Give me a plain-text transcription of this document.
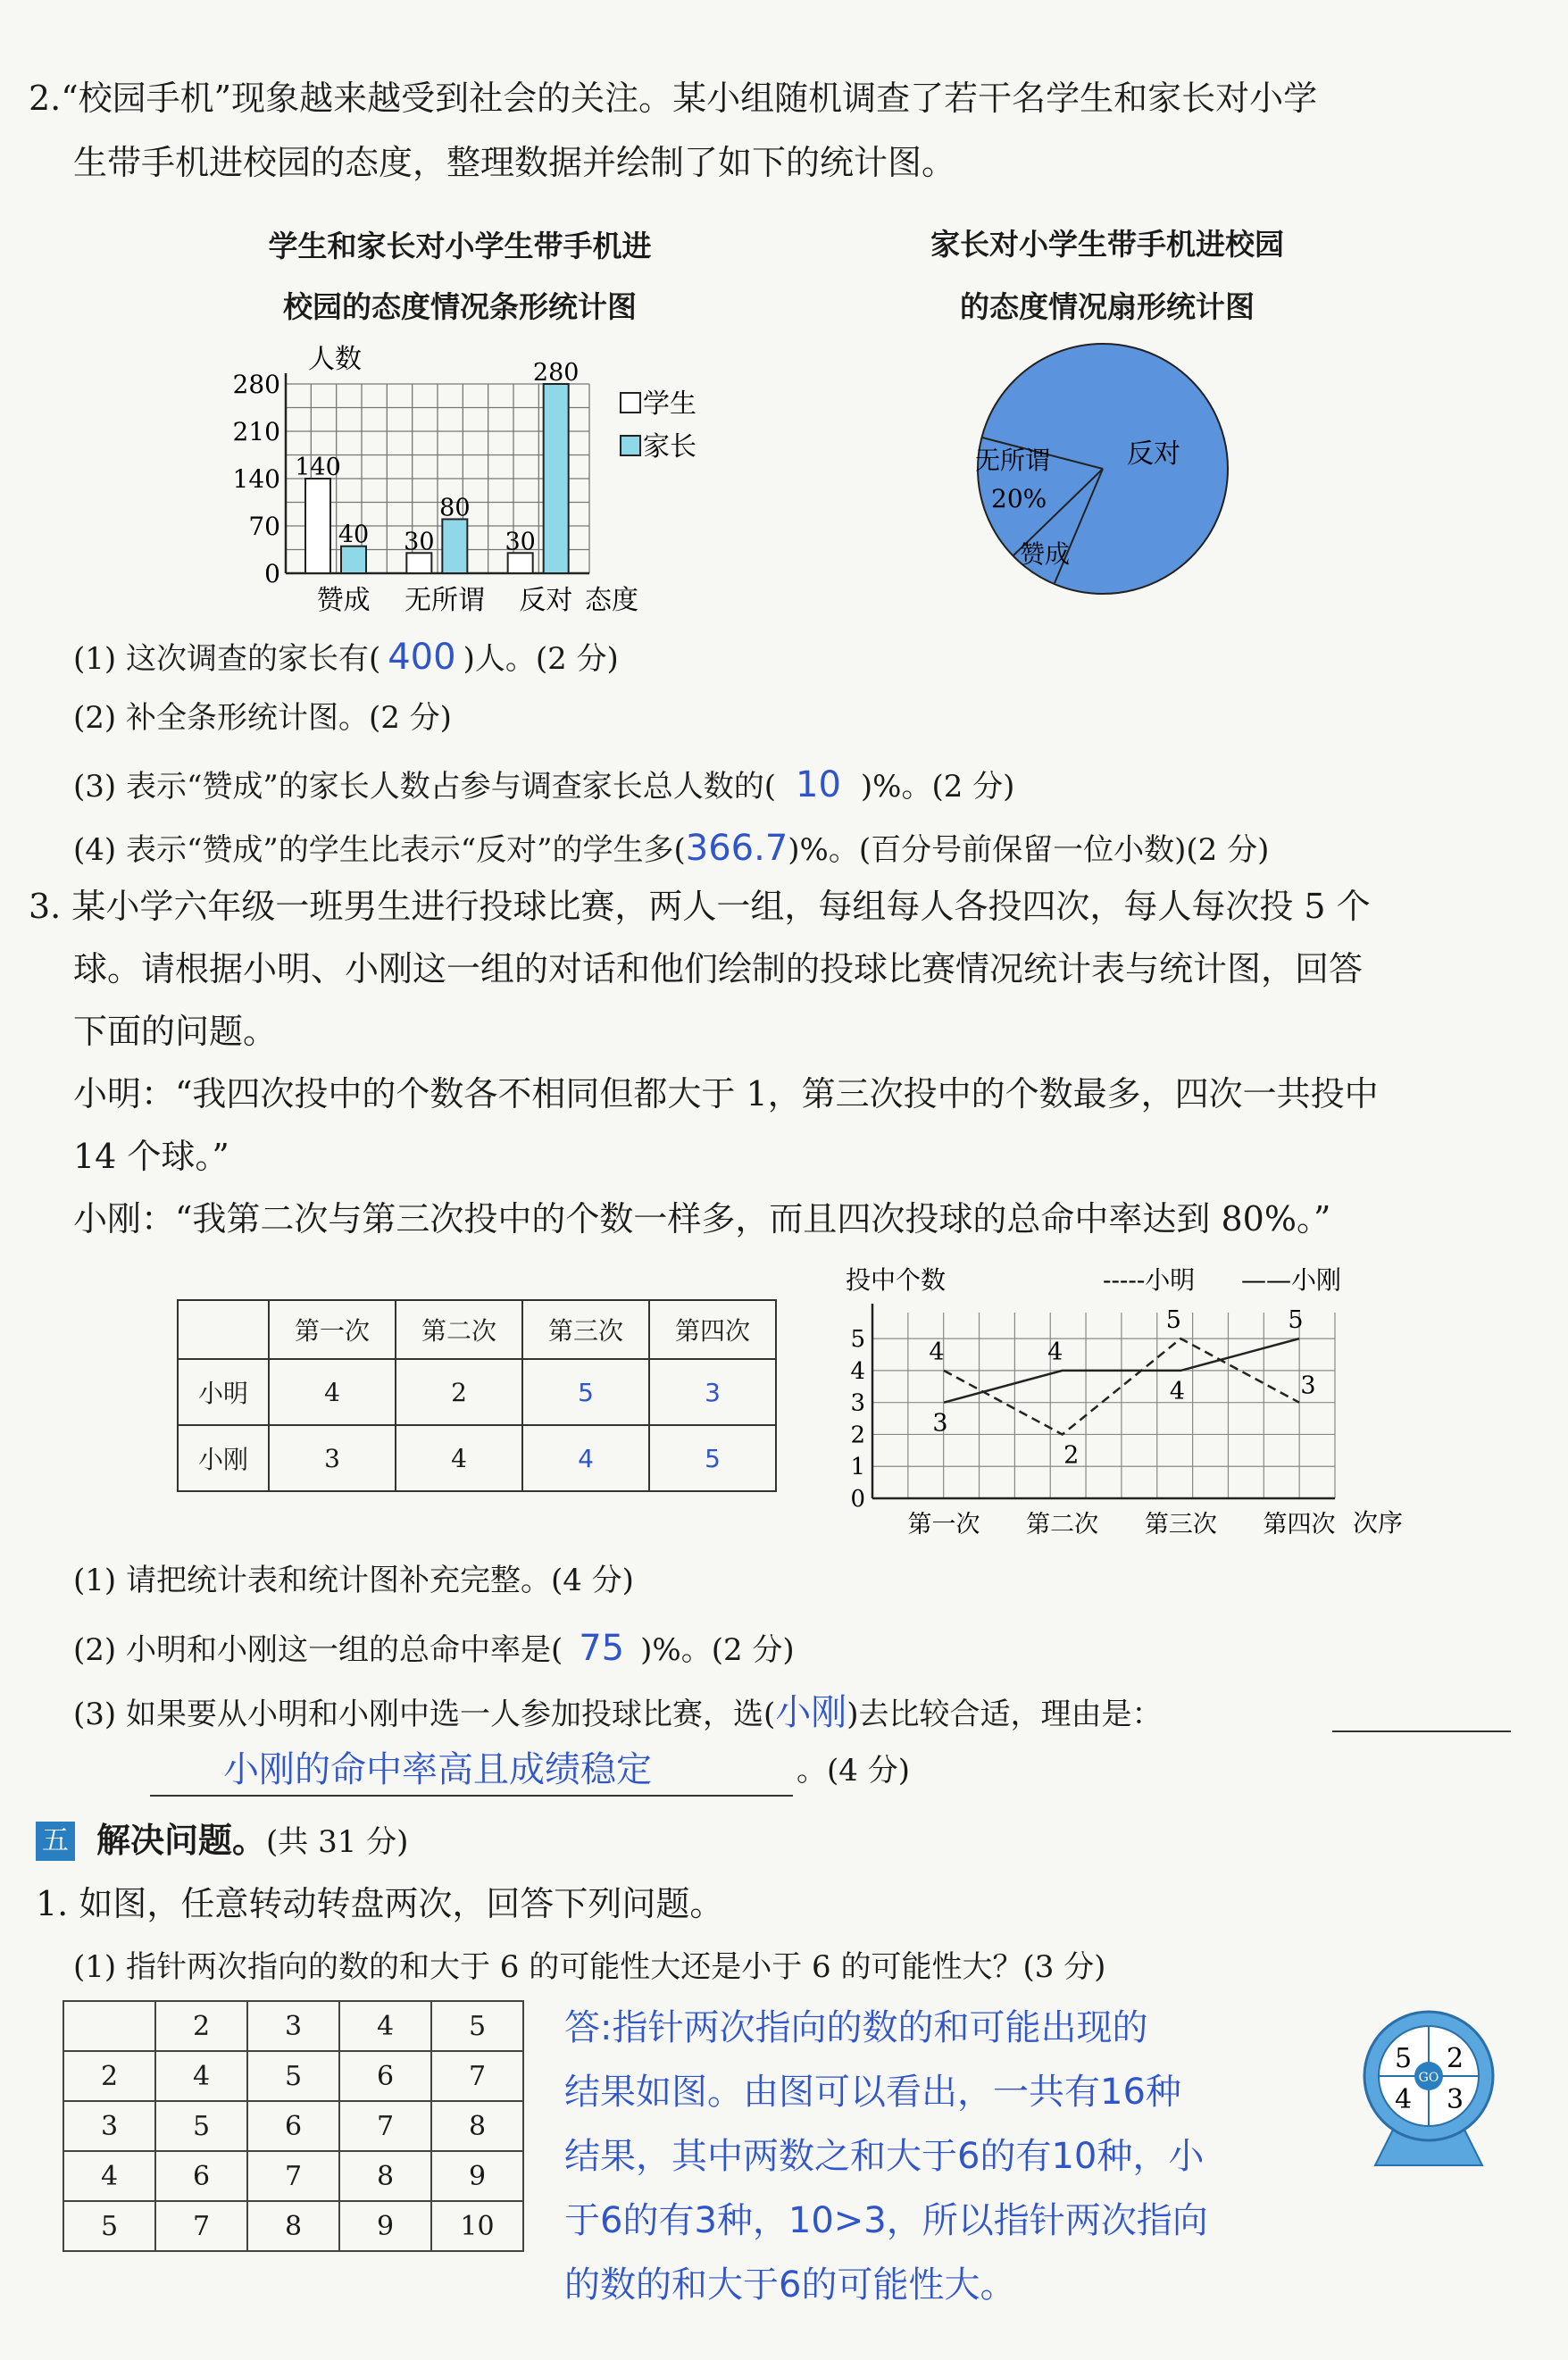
2.“校园手机”现象越来越受到社会的关注。某小组随机调查了若干名学生和家长对小学
生带手机进校园的态度，整理数据并绘制了如下的统计图。
学生和家长对小学生带手机进
校园的态度情况条形统计图
家长对小学生带手机进校园
的态度情况扇形统计图
0
70
140
210
280
140
40
赞成
30
80
无所谓
30
280
反对
人数
态度
学生
家长	反对
无所谓
20%
赞成
(1) 这次调查的家长有( 400 )人。(2 分)
(2) 补全条形统计图。(2 分)
(3) 表示“赞成”的家长人数占参与调查家长总人数的( 10 )%。(2 分)
(4) 表示“赞成”的学生比表示“反对”的学生多(366.7)%。(百分号前保留一位小数)(2 分)
3. 某小学六年级一班男生进行投球比赛，两人一组，每组每人各投四次，每人每次投 5 个
球。请根据小明、小刚这一组的对话和他们绘制的投球比赛情况统计表与统计图，回答
下面的问题。
小明：“我四次投中的个数各不相同但都大于 1，第三次投中的个数最多，四次一共投中
14 个球。”
小刚：“我第二次与第三次投中的个数一样多，而且四次投球的总命中率达到 80%。”
	第一次	第二次	第三次	第四次
小明	4	2	5	3
小刚	3	4	4	5
0
1
2
3
4
5
第一次 第二次 第三次 第四次
4
2
5
3
3
4
4
5
投中个数	-----小明 ——小刚
次序
(1) 请把统计表和统计图补充完整。(4 分)
(2) 小明和小刚这一组的总命中率是( 75 )%。(2 分)
(3) 如果要从小明和小刚中选一人参加投球比赛，选(小刚)去比较合适，理由是：
小刚的命中率高且成绩稳定	。(4 分)
五 解决问题。(共 31 分)
1. 如图，任意转动转盘两次，回答下列问题。
(1) 指针两次指向的数的和大于 6 的可能性大还是小于 6 的可能性大？(3 分)
	2	3	4	5
2	4	5	6	7
3	5	6	7	8
4	6	7	8	9
5	7	8	9	10
答:指针两次指向的数的和可能出现的
结果如图。由图可以看出，一共有16种
结果，其中两数之和大于6的有10种，小
于6的有3种，10>3，所以指针两次指向
的数的和大于6的可能性大。
5 2
4 3
GO
